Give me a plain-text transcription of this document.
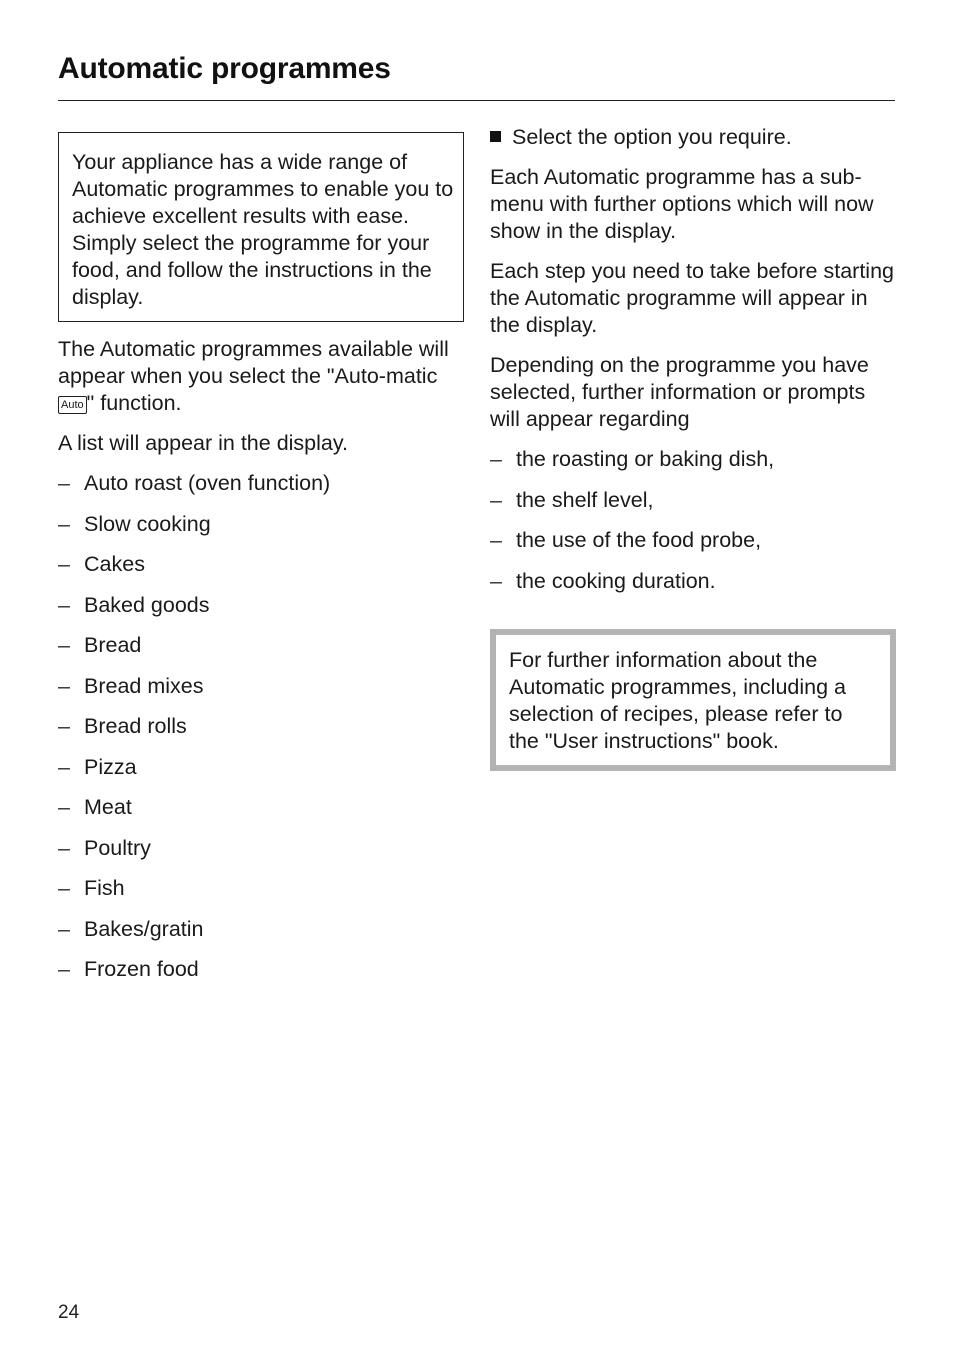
Automatic programmes

Your appliance has a wide range of Automatic programmes to enable you to achieve excellent results with ease.

Simply select the programme for your food, and follow the instructions in the display.

The Automatic programmes available will appear when you select the "Auto-matic Auto " function.

A list will appear in the display.

– Auto roast (oven function)
– Slow cooking
– Cakes
– Baked goods
– Bread
– Bread mixes
– Bread rolls
– Pizza
– Meat
– Poultry
– Fish
– Bakes/gratin
– Frozen food
Select the option you require.

Each Automatic programme has a sub-menu with further options which will now show in the display.

Each step you need to take before starting the Automatic programme will appear in the display.

Depending on the programme you have selected, further information or prompts will appear regarding

– the roasting or baking dish,
– the shelf level,
– the use of the food probe,
– the cooking duration.

For further information about the Automatic programmes, including a selection of recipes, please refer to the "User instructions" book.

24
